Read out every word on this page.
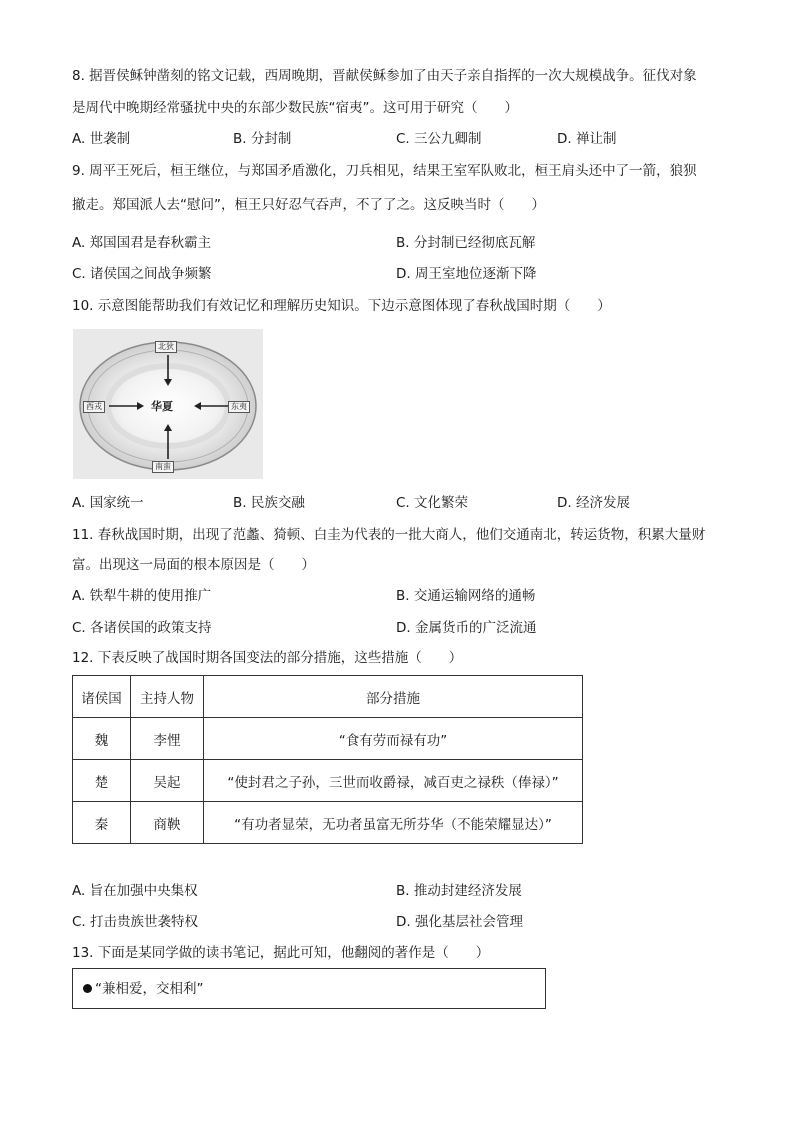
8. 据晋侯稣钟凿刻的铭文记载，西周晚期，晋献侯稣参加了由天子亲自指挥的一次大规模战争。征伐对象
是周代中晚期经常骚扰中央的东部少数民族“宿夷”。这可用于研究（　　）
A. 世袭制	B. 分封制	C. 三公九卿制	D. 禅让制
9. 周平王死后，桓王继位，与郑国矛盾激化，刀兵相见，结果王室军队败北，桓王肩头还中了一箭，狼狈
撤走。郑国派人去“慰问”，桓王只好忍气吞声，不了了之。这反映当时（　　）
A. 郑国国君是春秋霸主	B. 分封制已经彻底瓦解
C. 诸侯国之间战争频繁	D. 周王室地位逐渐下降
10. 示意图能帮助我们有效记忆和理解历史知识。下边示意图体现了春秋战国时期（　　）
北狄
西戎	东夷
南蛮
华夏
A. 国家统一	B. 民族交融	C. 文化繁荣	D. 经济发展
11. 春秋战国时期，出现了范蠡、猗顿、白圭为代表的一批大商人，他们交通南北，转运货物，积累大量财
富。出现这一局面的根本原因是（　　）
A. 铁犁牛耕的使用推广	B. 交通运输网络的通畅
C. 各诸侯国的政策支持	D. 金属货币的广泛流通
12. 下表反映了战国时期各国变法的部分措施，这些措施（　　）
诸侯国	主持人物	部分措施
魏	李悝	“食有劳而禄有功”
楚	吴起	“使封君之子孙，三世而收爵禄，减百吏之禄秩（俸禄）”
秦	商鞅	“有功者显荣，无功者虽富无所芬华（不能荣耀显达）”
A. 旨在加强中央集权	B. 推动封建经济发展
C. 打击贵族世袭特权	D. 强化基层社会管理
13. 下面是某同学做的读书笔记，据此可知，他翻阅的著作是（　　）
“兼相爱，交相利”
